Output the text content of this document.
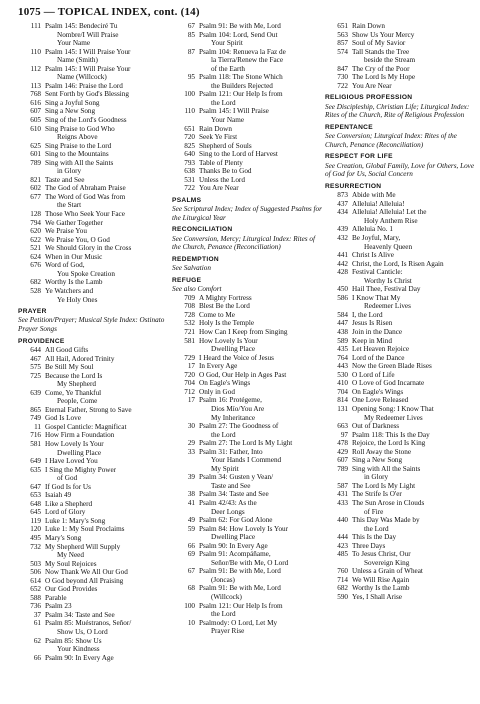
1075 — TOPICAL INDEX, cont. (14)
111 Psalm 145: Bendeciré Tu
Nombre/I Will Praise
Your Name
110 Psalm 145: I Will Praise Your
Name (Smith)
112 Psalm 145: I Will Praise Your
Name (Willcock)
113 Psalm 146: Praise the Lord
768 Sent Forth by God's Blessing
616 Sing a Joyful Song
607 Sing a New Song
605 Sing of the Lord's Goodness
610 Sing Praise to God Who
Reigns Above
625 Sing Praise to the Lord
601 Sing to the Mountains
789 Sing with All the Saints
in Glory
821 Taste and See
602 The God of Abraham Praise
677 The Word of God Was from
the Start
128 Those Who Seek Your Face
794 We Gather Together
620 We Praise You
622 We Praise You, O God
521 We Should Glory in the Cross
624 When in Our Music
676 Word of God,
You Spoke Creation
682 Worthy Is the Lamb
528 Ye Watchers and
Ye Holy Ones
PRAYER
See Petition/Prayer; Musical Style Index: Ostinato Prayer Songs
PROVIDENCE
644 All Good Gifts
467 All Hail, Adored Trinity
575 Be Still My Soul
725 Because the Lord Is
My Shepherd
639 Come, Ye Thankful
People, Come
865 Eternal Father, Strong to Save
749 God Is Love
11 Gospel Canticle: Magnificat
716 How Firm a Foundation
581 How Lovely Is Your
Dwelling Place
649 I Have Loved You
635 I Sing the Mighty Power
of God
647 If God Is for Us
653 Isaiah 49
648 Like a Shepherd
645 Lord of Glory
119 Luke 1: Mary's Song
120 Luke 1: My Soul Proclaims
495 Mary's Song
732 My Shepherd Will Supply
My Need
503 My Soul Rejoices
506 Now Thank We All Our God
614 O God beyond All Praising
652 Our God Provides
588 Parable
736 Psalm 23
37 Psalm 34: Taste and See
61 Psalm 85: Muéstranos, Señor/
Show Us, O Lord
62 Psalm 85: Show Us
Your Kindness
66 Psalm 90: In Every Age
67 Psalm 91: Be with Me, Lord
85 Psalm 104: Lord, Send Out
Your Spirit
87 Psalm 104: Renueva la Faz de
la Tierra/Renew the Face
of the Earth
95 Psalm 118: The Stone Which
the Builders Rejected
100 Psalm 121: Our Help Is from
the Lord
110 Psalm 145: I Will Praise
Your Name
651 Rain Down
720 Seek Ye First
825 Shepherd of Souls
640 Sing to the Lord of Harvest
793 Table of Plenty
638 Thanks Be to God
531 Unless the Lord
722 You Are Near
PSALMS
See Scriptural Index; Index of Suggested Psalms for the Liturgical Year
RECONCILIATION
See Conversion, Mercy; Liturgical Index: Rites of the Church, Penance (Reconciliation)
REDEMPTION
See Salvation
REFUGE
See also Comfort
709 A Mighty Fortress
708 Blest Be the Lord
728 Come to Me
532 Holy Is the Temple
721 How Can I Keep from Singing
581 How Lovely Is Your
Dwelling Place
729 I Heard the Voice of Jesus
17 In Every Age
720 O God, Our Help in Ages Past
704 On Eagle's Wings
712 Only in God
17 Psalm 16: Protégeme,
Dios Mío/You Are
My Inheritance
30 Psalm 27: The Goodness of
the Lord
29 Psalm 27: The Lord Is My Light
33 Psalm 31: Father, Into
Your Hands I Commend
My Spirit
39 Psalm 34: Gusten y Vean/
Taste and See
38 Psalm 34: Taste and See
41 Psalm 42/43: As the
Deer Longs
49 Psalm 62: For God Alone
59 Psalm 84: How Lovely Is Your
Dwelling Place
66 Psalm 90: In Every Age
69 Psalm 91: Acompáñame,
Señor/Be with Me, O Lord
67 Psalm 91: Be with Me, Lord
(Joncas)
68 Psalm 91: Be with Me, Lord
(Willcock)
100 Psalm 121: Our Help Is from
the Lord
10 Psalmody: O Lord, Let My
Prayer Rise
651 Rain Down
563 Show Us Your Mercy
857 Soul of My Savior
574 Tall Stands the Tree
beside the Stream
847 The Cry of the Poor
730 The Lord Is My Hope
722 You Are Near
RELIGIOUS PROFESSION
See Discipleship, Christian Life; Liturgical Index: Rites of the Church, Rite of Religious Profession
REPENTANCE
See Conversion; Liturgical Index: Rites of the Church, Penance (Reconciliation)
RESPECT FOR LIFE
See Creation, Global Family, Love for Others, Love of God for Us, Social Concern
RESURRECTION
873 Abide with Me
437 Alleluia! Alleluia!
434 Alleluia! Alleluia! Let the
Holy Anthem Rise
439 Alleluia No. 1
432 Be Joyful, Mary,
Heavenly Queen
441 Christ Is Alive
442 Christ, the Lord, Is Risen Again
428 Festival Canticle:
Worthy Is Christ
450 Hail Thee, Festival Day
586 I Know That My
Redeemer Lives
584 I, the Lord
447 Jesus Is Risen
438 Join in the Dance
589 Keep in Mind
435 Let Heaven Rejoice
764 Lord of the Dance
443 Now the Green Blade Rises
530 O Lord of Life
410 O Love of God Incarnate
704 On Eagle's Wings
814 One Love Released
131 Opening Song: I Know That
My Redeemer Lives
663 Out of Darkness
97 Psalm 118: This Is the Day
478 Rejoice, the Lord Is King
429 Roll Away the Stone
607 Sing a New Song
789 Sing with All the Saints
in Glory
587 The Lord Is My Light
431 The Strife Is O'er
433 The Sun Arose in Clouds
of Fire
440 This Day Was Made by
the Lord
444 This Is the Day
423 Three Days
485 To Jesus Christ, Our
Sovereign King
760 Unless a Grain of Wheat
714 We Will Rise Again
682 Worthy Is the Lamb
590 Yes, I Shall Arise
